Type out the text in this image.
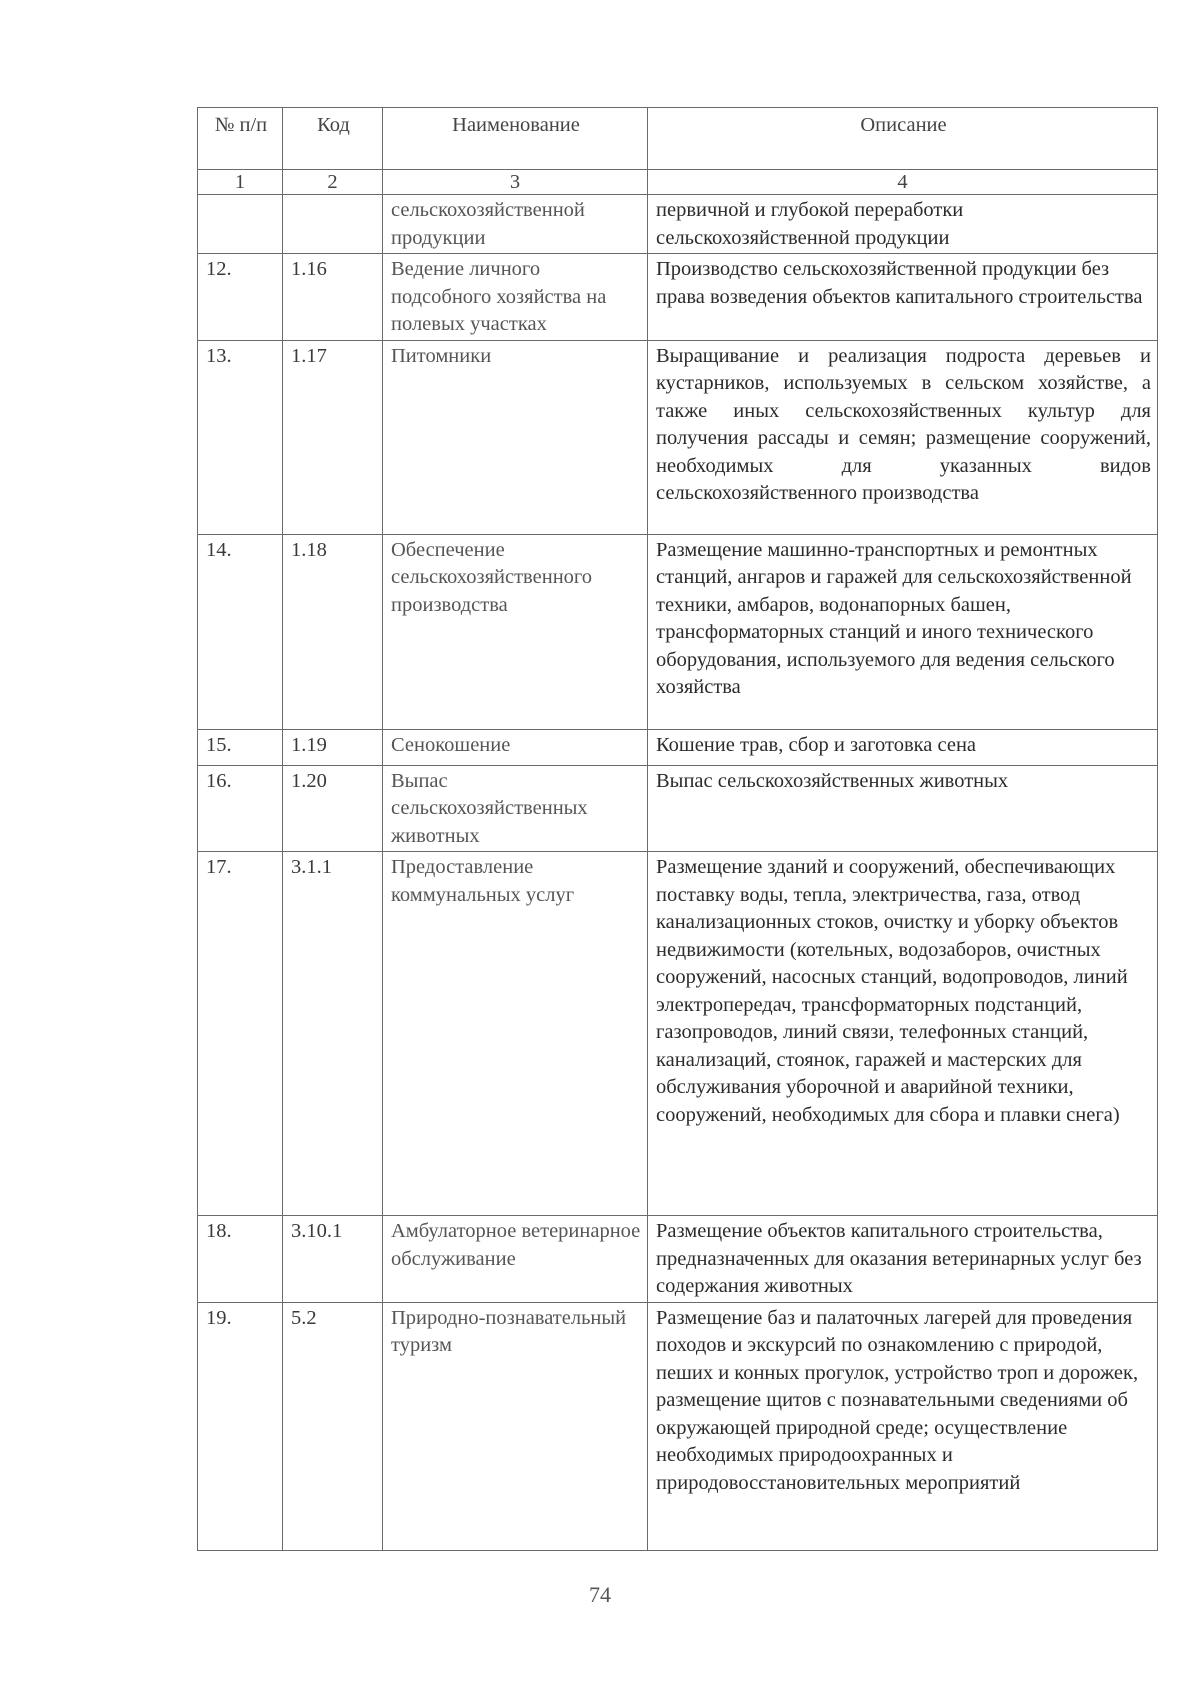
№ п/п	Код	Наименование	Описание
1	2	3	4
		сельскохозяйственной продукции	первичной и глубокой переработки сельскохозяйственной продукции
12.	1.16	Ведение личного подсобного хозяйства на полевых участках	Производство сельскохозяйственной продукции без права возведения объектов капитального строительства
13.	1.17	Питомники	Выращивание и реализация подроста деревьев и кустарников, используемых в сельском хозяйстве, а также иных сельскохозяйственных культур для получения рассады и семян; размещение сооружений, необходимых для указанных видов сельскохозяйственного производства
14.	1.18	Обеспечение сельскохозяйственного производства	Размещение машинно-транспортных и ремонтных станций, ангаров и гаражей для сельскохозяйственной техники, амбаров, водонапорных башен, трансформаторных станций и иного технического оборудования, используемого для ведения сельского хозяйства
15.	1.19	Сенокошение	Кошение трав, сбор и заготовка сена
16.	1.20	Выпас сельскохозяйственных животных	Выпас сельскохозяйственных животных
17.	3.1.1	Предоставление коммунальных услуг	Размещение зданий и сооружений, обеспечивающих поставку воды, тепла, электричества, газа, отвод канализационных стоков, очистку и уборку объектов недвижимости (котельных, водозаборов, очистных сооружений, насосных станций, водопроводов, линий электропередач, трансформаторных подстанций, газопроводов, линий связи, телефонных станций, канализаций, стоянок, гаражей и мастерских для обслуживания уборочной и аварийной техники, сооружений, необходимых для сбора и плавки снега)
18.	3.10.1	Амбулаторное ветеринарное обслуживание	Размещение объектов капитального строительства, предназначенных для оказания ветеринарных услуг без содержания животных
19.	5.2	Природно-познавательный туризм	Размещение баз и палаточных лагерей для проведения походов и экскурсий по ознакомлению с природой, пеших и конных прогулок, устройство троп и дорожек, размещение щитов с познавательными сведениями об окружающей природной среде; осуществление необходимых природоохранных и природовосстановительных мероприятий
74
